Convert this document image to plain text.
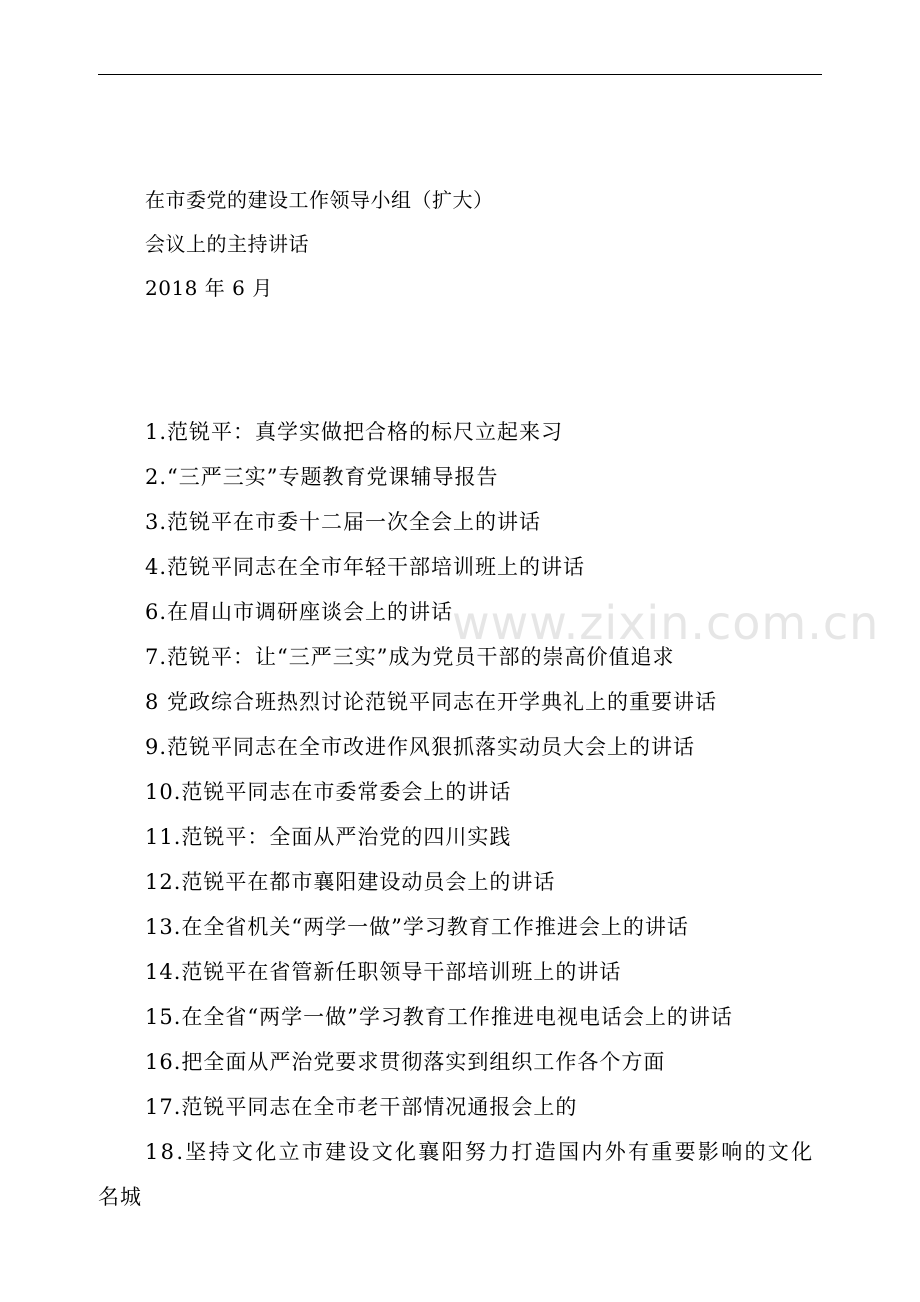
www.zixin.com.cn
在市委党的建设工作领导小组（扩大）
会议上的主持讲话
2018 年 6 月
1.范锐平：真学实做把合格的标尺立起来习
2.“三严三实”专题教育党课辅导报告
3.范锐平在市委十二届一次全会上的讲话
4.范锐平同志在全市年轻干部培训班上的讲话
6.在眉山市调研座谈会上的讲话
7.范锐平：让“三严三实”成为党员干部的崇高价值追求
8 党政综合班热烈讨论范锐平同志在开学典礼上的重要讲话
9.范锐平同志在全市改进作风狠抓落实动员大会上的讲话
10.范锐平同志在市委常委会上的讲话
11.范锐平：全面从严治党的四川实践
12.范锐平在都市襄阳建设动员会上的讲话
13.在全省机关“两学一做”学习教育工作推进会上的讲话
14.范锐平在省管新任职领导干部培训班上的讲话
15.在全省“两学一做”学习教育工作推进电视电话会上的讲话
16.把全面从严治党要求贯彻落实到组织工作各个方面
17.范锐平同志在全市老干部情况通报会上的
18.坚持文化立市建设文化襄阳努力打造国内外有重要影响的文化
名城
